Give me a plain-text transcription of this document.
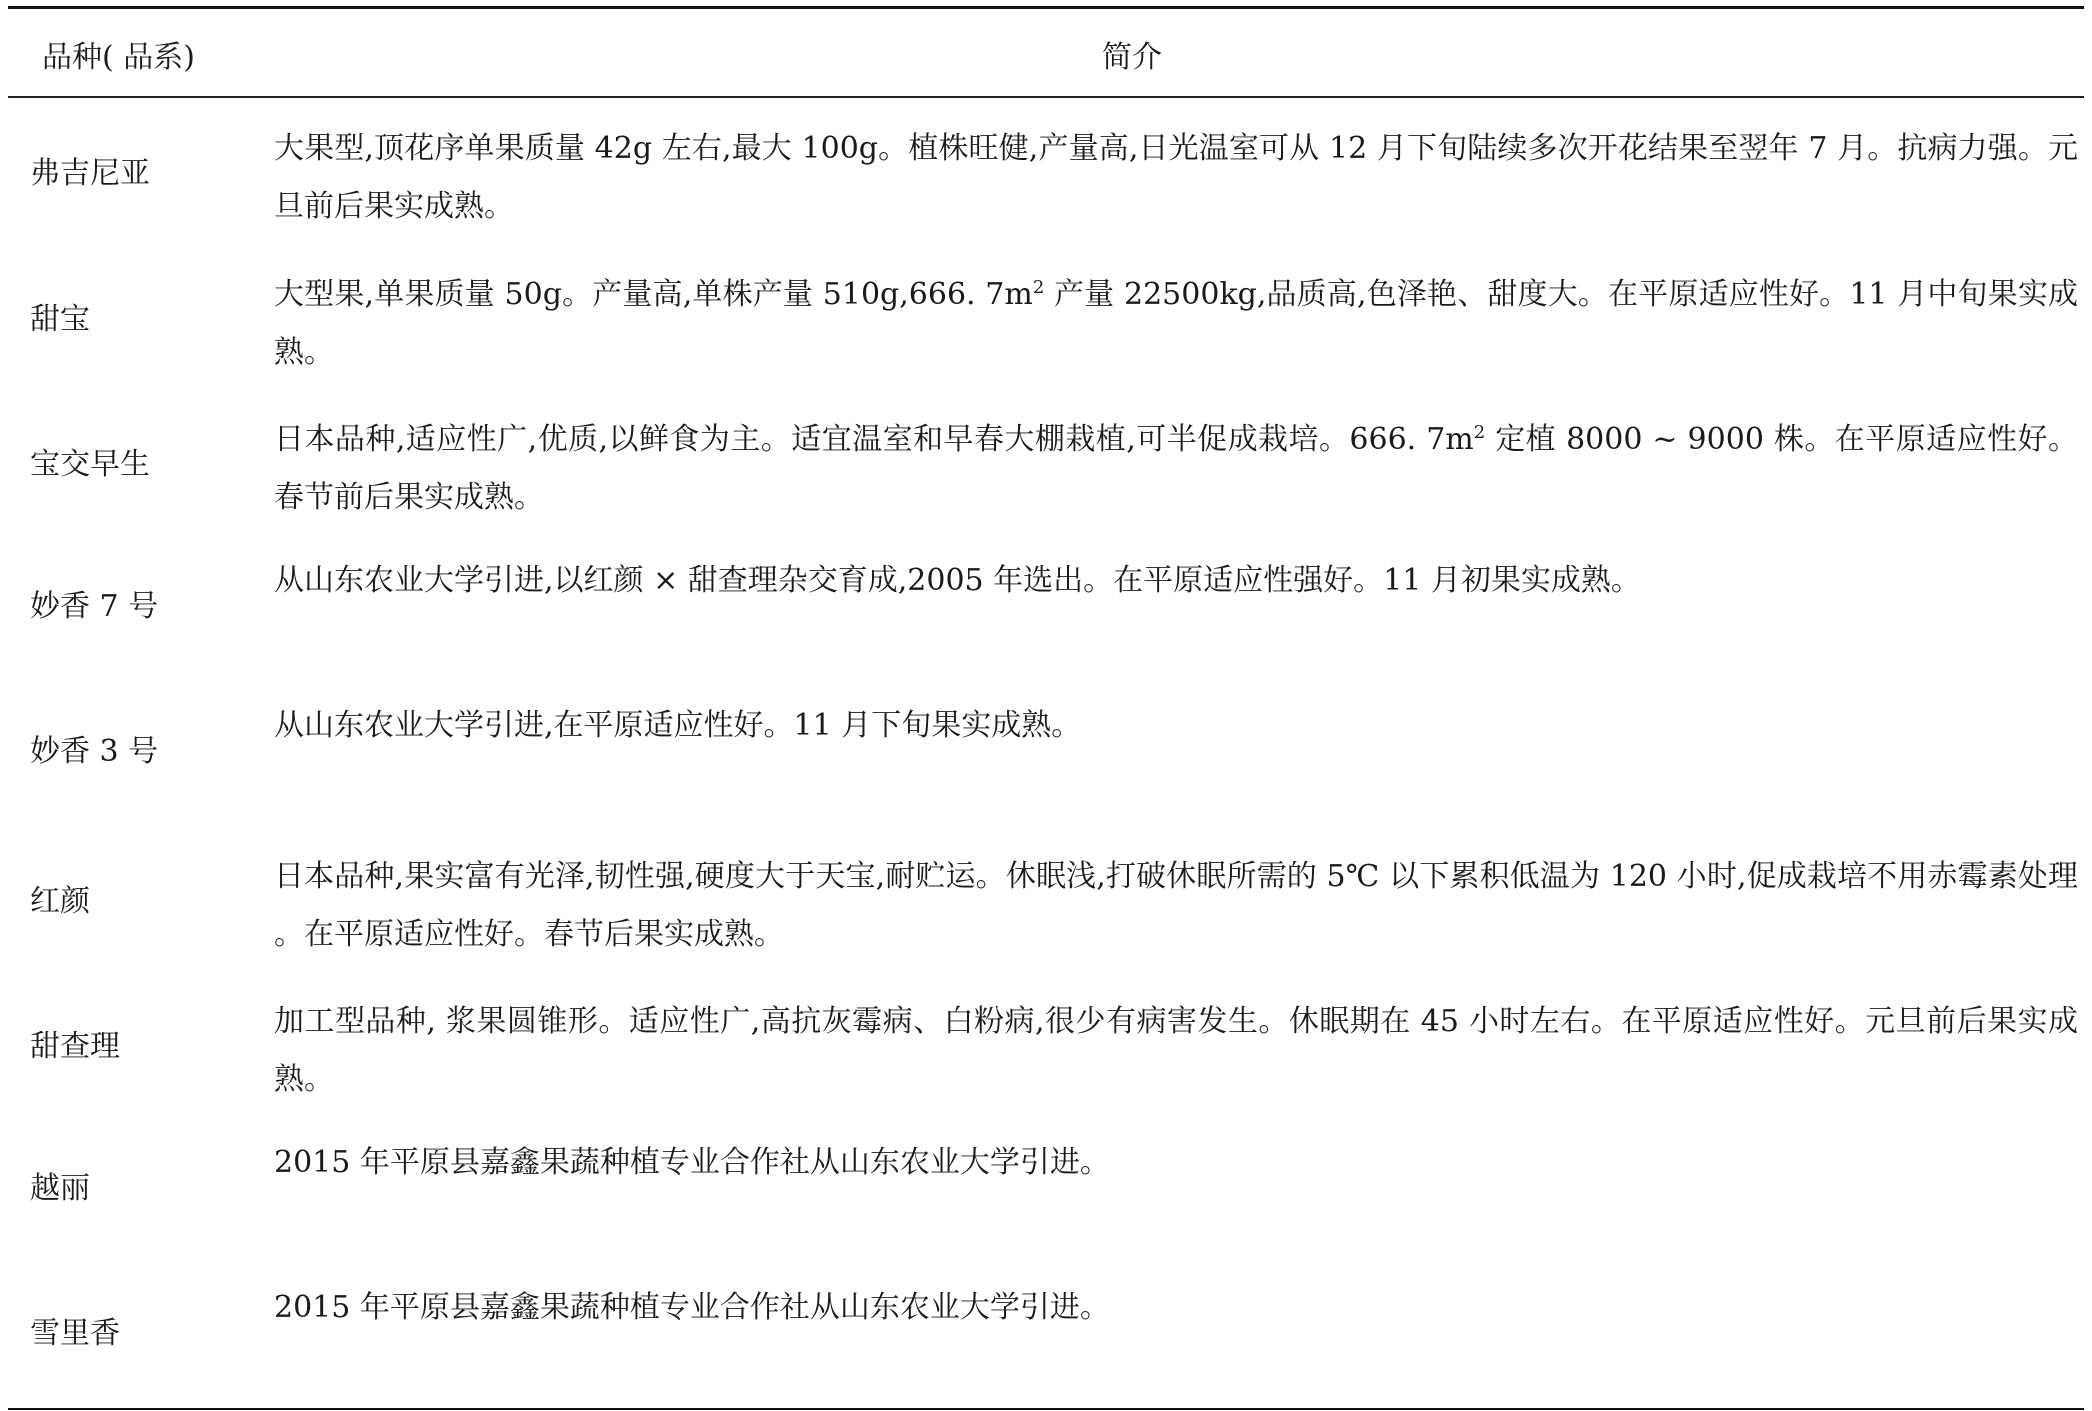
品种( 品系)	简介
弗吉尼亚
大果型,顶花序单果质量 42g 左右,最大 100g。植株旺健,产量高,日光温室可从 12 月下旬陆续多次开花结果至翌年 7 月。抗病力强。元旦前后果实成熟。
甜宝
大型果,单果质量 50g。产量高,单株产量 510g,666. $7m^2$ 产量 22500kg,品质高,色泽艳、甜度大。在平原适应性好。11 月中旬果实成熟。
宝交早生
日本品种,适应性广,优质,以鲜食为主。适宜温室和早春大棚栽植,可半促成栽培。666. $7m^2$ 定植 8000 ~ 9000 株。在平原适应性好。春节前后果实成熟。
妙香 7 号
从山东农业大学引进,以红颜 × 甜查理杂交育成,2005 年选出。在平原适应性强好。11 月初果实成熟。
妙香 3 号
从山东农业大学引进,在平原适应性好。11 月下旬果实成熟。
红颜
日本品种,果实富有光泽,韧性强,硬度大于天宝,耐贮运。休眠浅,打破休眠所需的 5℃ 以下累积低温为 120 小时,促成栽培不用赤霉素处理 。在平原适应性好。春节后果实成熟。
甜查理
加工型品种, 浆果圆锥形。适应性广,高抗灰霉病、白粉病,很少有病害发生。休眠期在 45 小时左右。在平原适应性好。元旦前后果实成熟。
越丽
2015 年平原县嘉鑫果蔬种植专业合作社从山东农业大学引进。
雪里香
2015 年平原县嘉鑫果蔬种植专业合作社从山东农业大学引进。
